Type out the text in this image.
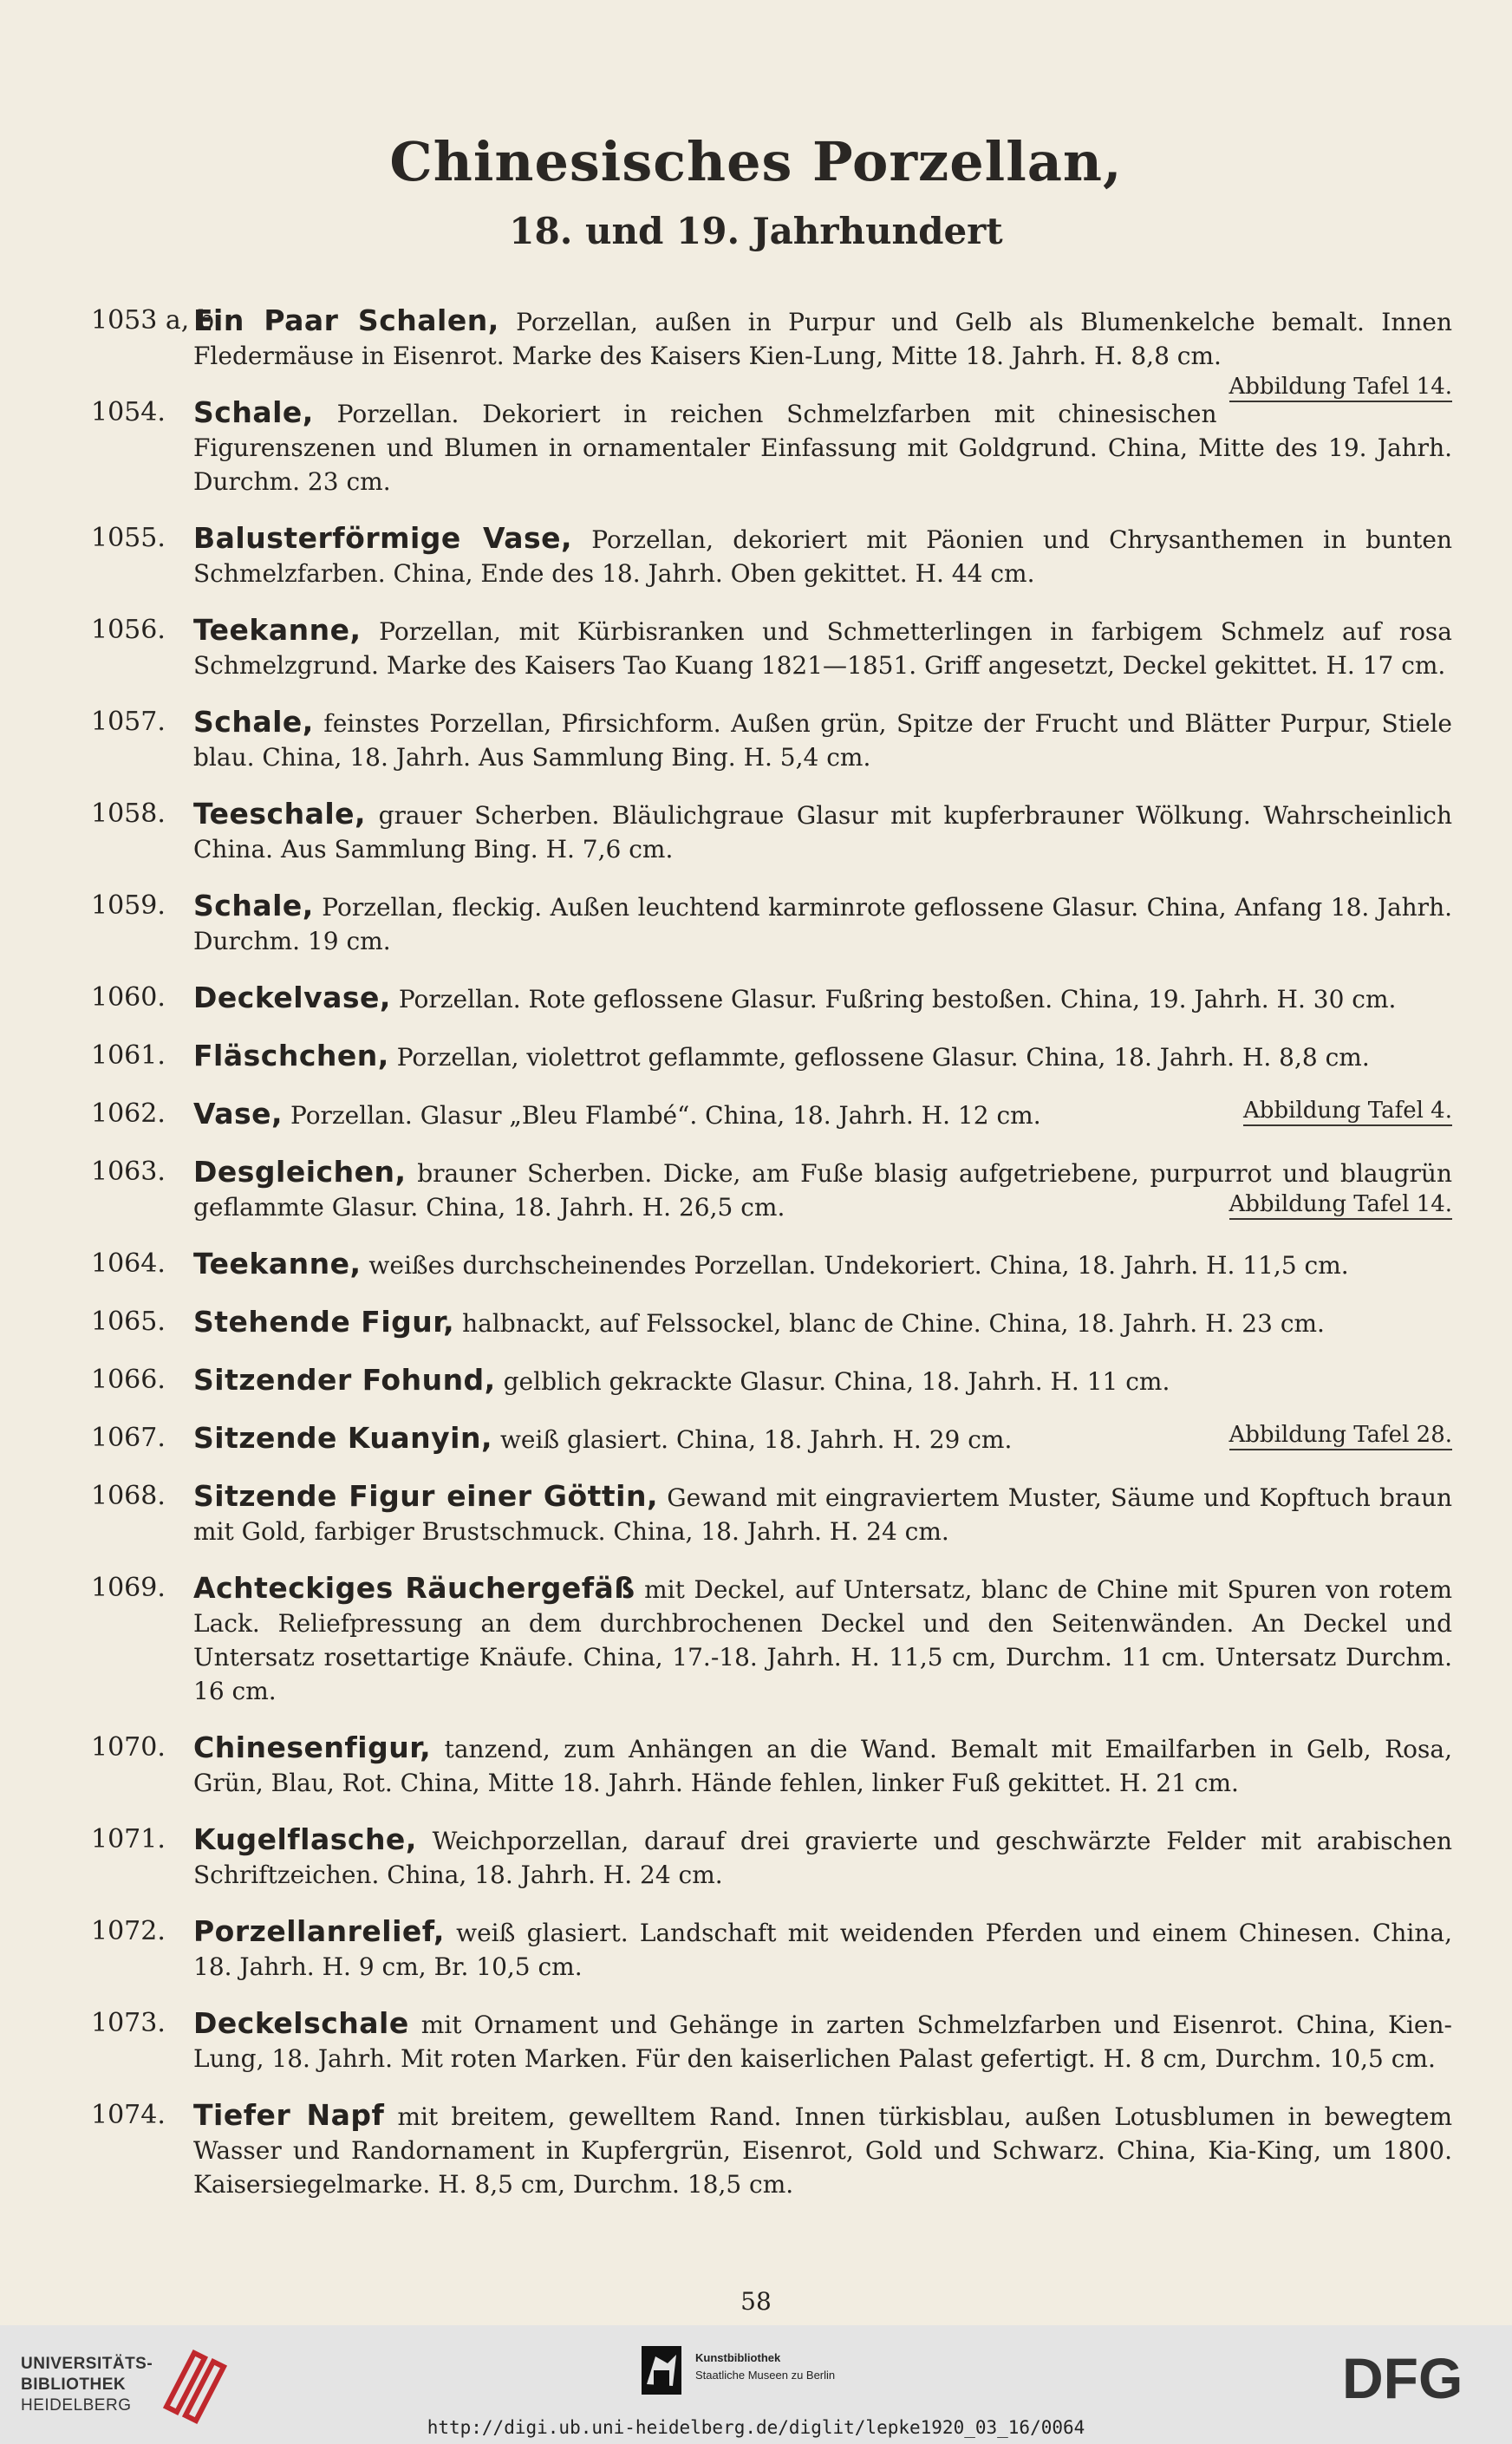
Chinesisches Porzellan,
18. und 19. Jahrhundert
1053 a, b.
Ein Paar Schalen, Porzellan, außen in Purpur und Gelb als Blumenkelche bemalt. Innen Fledermäuse in Eisenrot. Marke des Kaisers Kien-Lung, Mitte 18. Jahrh. H. 8,8 cm.
Abbildung Tafel 14.
1054. Schale, Porzellan. Dekoriert in reichen Schmelzfarben mit chinesischen Figurenszenen und Blumen in ornamentaler Einfassung mit Goldgrund. China, Mitte des 19. Jahrh. Durchm. 23 cm.
1055. Balusterförmige Vase, Porzellan, dekoriert mit Päonien und Chrysanthemen in bunten Schmelzfarben. China, Ende des 18. Jahrh. Oben gekittet. H. 44 cm.
1056. Teekanne, Porzellan, mit Kürbisranken und Schmetterlingen in farbigem Schmelz auf rosa Schmelzgrund. Marke des Kaisers Tao Kuang 1821—1851. Griff angesetzt, Deckel gekittet. H. 17 cm.
1057. Schale, feinstes Porzellan, Pfirsichform. Außen grün, Spitze der Frucht und Blätter Purpur, Stiele blau. China, 18. Jahrh. Aus Sammlung Bing. H. 5,4 cm.
1058. Teeschale, grauer Scherben. Bläulichgraue Glasur mit kupferbrauner Wölkung. Wahrscheinlich China. Aus Sammlung Bing. H. 7,6 cm.
1059. Schale, Porzellan, fleckig. Außen leuchtend karminrote geflossene Glasur. China, Anfang 18. Jahrh. Durchm. 19 cm.
1060. Deckelvase, Porzellan. Rote geflossene Glasur. Fußring bestoßen. China, 19. Jahrh. H. 30 cm.
1061. Fläschchen, Porzellan, violettrot geflammte, geflossene Glasur. China, 18. Jahrh. H. 8,8 cm.
1062. Vase, Porzellan. Glasur „Bleu Flambé“. China, 18. Jahrh. H. 12 cm.	Abbildung Tafel 4.
1063. Desgleichen, brauner Scherben. Dicke, am Fuße blasig aufgetriebene, purpurrot und blaugrün geflammte Glasur. China, 18. Jahrh. H. 26,5 cm.	Abbildung Tafel 14.
1064. Teekanne, weißes durchscheinendes Porzellan. Undekoriert. China, 18. Jahrh. H. 11,5 cm.
1065. Stehende Figur, halbnackt, auf Felssockel, blanc de Chine. China, 18. Jahrh. H. 23 cm.
1066. Sitzender Fohund, gelblich gekrackte Glasur. China, 18. Jahrh. H. 11 cm.
1067. Sitzende Kuanyin, weiß glasiert. China, 18. Jahrh. H. 29 cm.	Abbildung Tafel 28.
1068. Sitzende Figur einer Göttin, Gewand mit eingraviertem Muster, Säume und Kopftuch braun mit Gold, farbiger Brustschmuck. China, 18. Jahrh. H. 24 cm.
1069. Achteckiges Räuchergefäß mit Deckel, auf Untersatz, blanc de Chine mit Spuren von rotem Lack. Reliefpressung an dem durchbrochenen Deckel und den Seitenwänden. An Deckel und Untersatz rosettartige Knäufe. China, 17.-18. Jahrh. H. 11,5 cm, Durchm. 11 cm. Untersatz Durchm. 16 cm.
1070. Chinesenfigur, tanzend, zum Anhängen an die Wand. Bemalt mit Emailfarben in Gelb, Rosa, Grün, Blau, Rot. China, Mitte 18. Jahrh. Hände fehlen, linker Fuß gekittet. H. 21 cm.
1071. Kugelflasche, Weichporzellan, darauf drei gravierte und geschwärzte Felder mit arabischen Schriftzeichen. China, 18. Jahrh. H. 24 cm.
1072. Porzellanrelief, weiß glasiert. Landschaft mit weidenden Pferden und einem Chinesen. China, 18. Jahrh. H. 9 cm, Br. 10,5 cm.
1073. Deckelschale mit Ornament und Gehänge in zarten Schmelzfarben und Eisenrot. China, Kien-Lung, 18. Jahrh. Mit roten Marken. Für den kaiserlichen Palast gefertigt. H. 8 cm, Durchm. 10,5 cm.
1074. Tiefer Napf mit breitem, gewelltem Rand. Innen türkisblau, außen Lotusblumen in bewegtem Wasser und Randornament in Kupfergrün, Eisenrot, Gold und Schwarz. China, Kia-King, um 1800. Kaisersiegelmarke. H. 8,5 cm, Durchm. 18,5 cm.
58
UNIVERSITÄTS-
BIBLIOTHEK
HEIDELBERG
Kunstbibliothek
Staatliche Museen zu Berlin	DFG
http://digi.ub.uni-heidelberg.de/diglit/lepke1920_03_16/0064
